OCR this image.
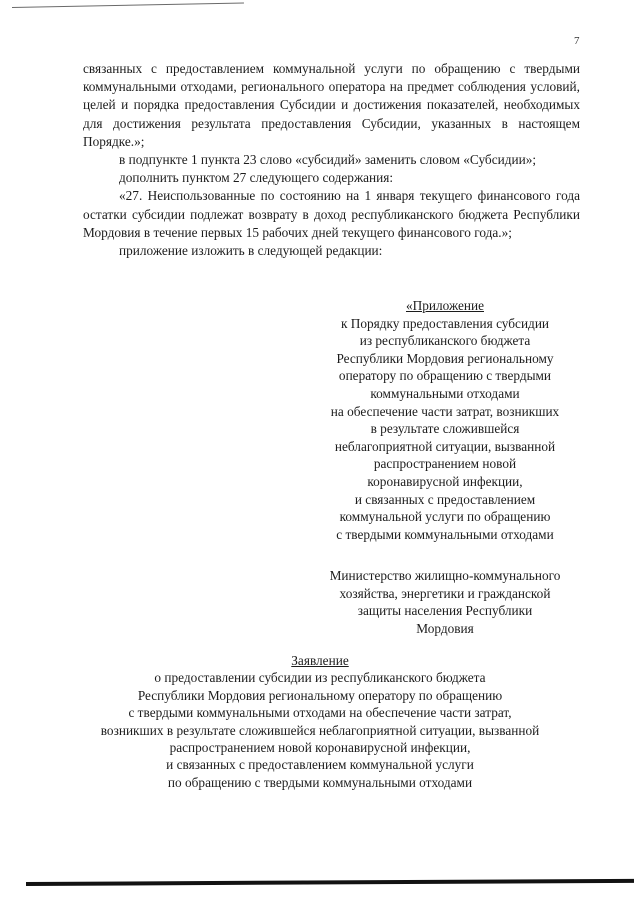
7

связанных с предоставлением коммунальной услуги по обращению с твердыми коммунальными отходами, регионального оператора на предмет соблюдения условий, целей и порядка предоставления Субсидии и достижения показателей, необходимых для достижения результата предоставления Субсидии, указанных в настоящем Порядке.»;

в подпункте 1 пункта 23 слово «субсидий» заменить словом «Субсидии»;

дополнить пунктом 27 следующего содержания:

«27. Неиспользованные по состоянию на 1 января текущего финансового года остатки субсидии подлежат возврату в доход республиканского бюджета Республики Мордовия в течение первых 15 рабочих дней текущего финансового года.»;

приложение изложить в следующей редакции:

«Приложение
к Порядку предоставления субсидии
из республиканского бюджета
Республики Мордовия региональному
оператору по обращению с твердыми
коммунальными отходами
на обеспечение части затрат, возникших
в результате сложившейся
неблагоприятной ситуации, вызванной
распространением новой
коронавирусной инфекции,
и связанных с предоставлением
коммунальной услуги по обращению
с твердыми коммунальными отходами
Министерство жилищно-коммунального
хозяйства, энергетики и гражданской
защиты населения Республики
Мордовия
Заявление
о предоставлении субсидии из республиканского бюджета
Республики Мордовия региональному оператору по обращению
с твердыми коммунальными отходами на обеспечение части затрат,
возникших в результате сложившейся неблагоприятной ситуации, вызванной
распространением новой коронавирусной инфекции,
и связанных с предоставлением коммунальной услуги
по обращению с твердыми коммунальными отходами
